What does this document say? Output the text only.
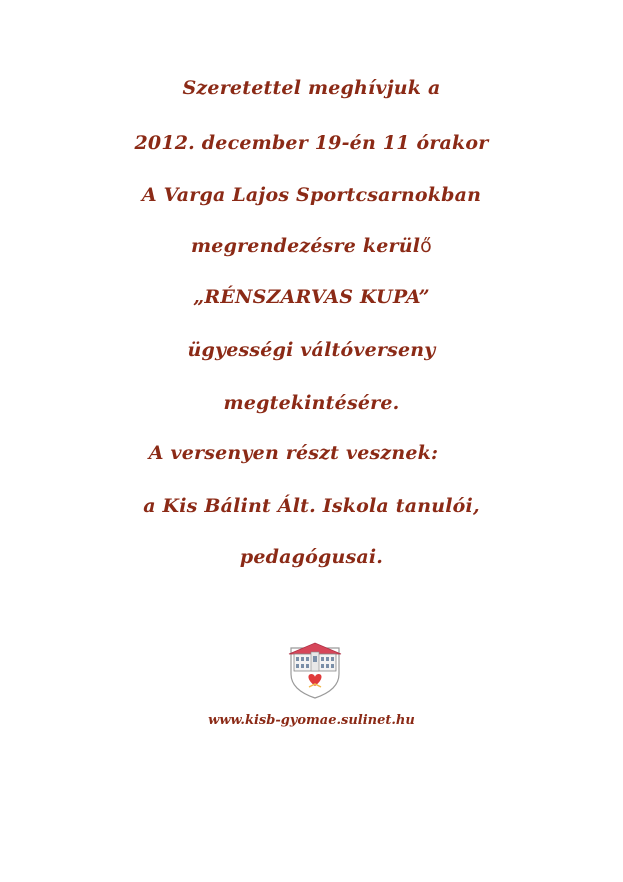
Szeretettel meghívjuk a
2012. december 19-én 11 órakor
A Varga Lajos Sportcsarnokban
megrendezésre kerülő
„RÉNSZARVAS KUPA”
ügyességi váltóverseny
megtekintésére.
A versenyen részt vesznek:
a Kis Bálint Ált. Iskola tanulói,
pedagógusai.
www.kisb-gyomae.sulinet.hu
